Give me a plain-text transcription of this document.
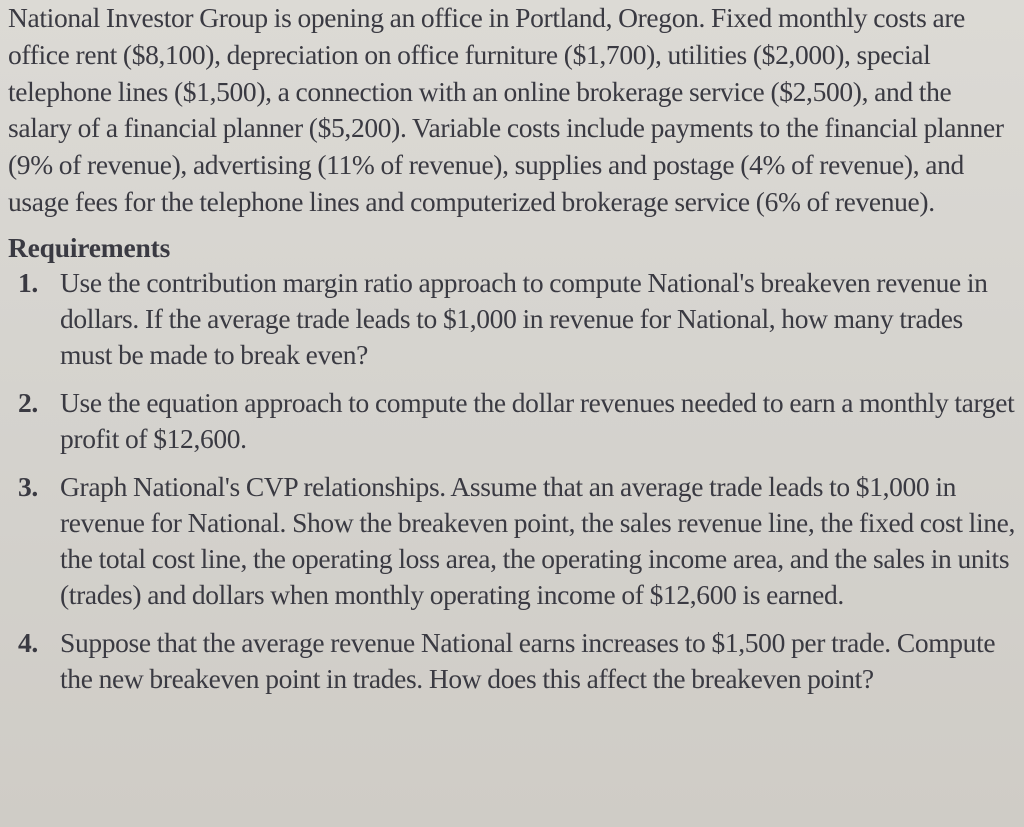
National Investor Group is opening an office in Portland, Oregon. Fixed monthly costs are office rent ($8,100), depreciation on office furniture ($1,700), utilities ($2,000), special telephone lines ($1,500), a connection with an online brokerage service ($2,500), and the salary of a financial planner ($5,200). Variable costs include payments to the financial planner (9% of revenue), advertising (11% of revenue), supplies and postage (4% of revenue), and usage fees for the telephone lines and computerized brokerage service (6% of revenue).

Requirements
1. Use the contribution margin ratio approach to compute National's breakeven revenue in dollars. If the average trade leads to $1,000 in revenue for National, how many trades must be made to break even?
2. Use the equation approach to compute the dollar revenues needed to earn a monthly target profit of $12,600.
3. Graph National's CVP relationships. Assume that an average trade leads to $1,000 in revenue for National. Show the breakeven point, the sales revenue line, the fixed cost line, the total cost line, the operating loss area, the operating income area, and the sales in units (trades) and dollars when monthly operating income of $12,600 is earned.
4. Suppose that the average revenue National earns increases to $1,500 per trade. Compute the new breakeven point in trades. How does this affect the breakeven point?
